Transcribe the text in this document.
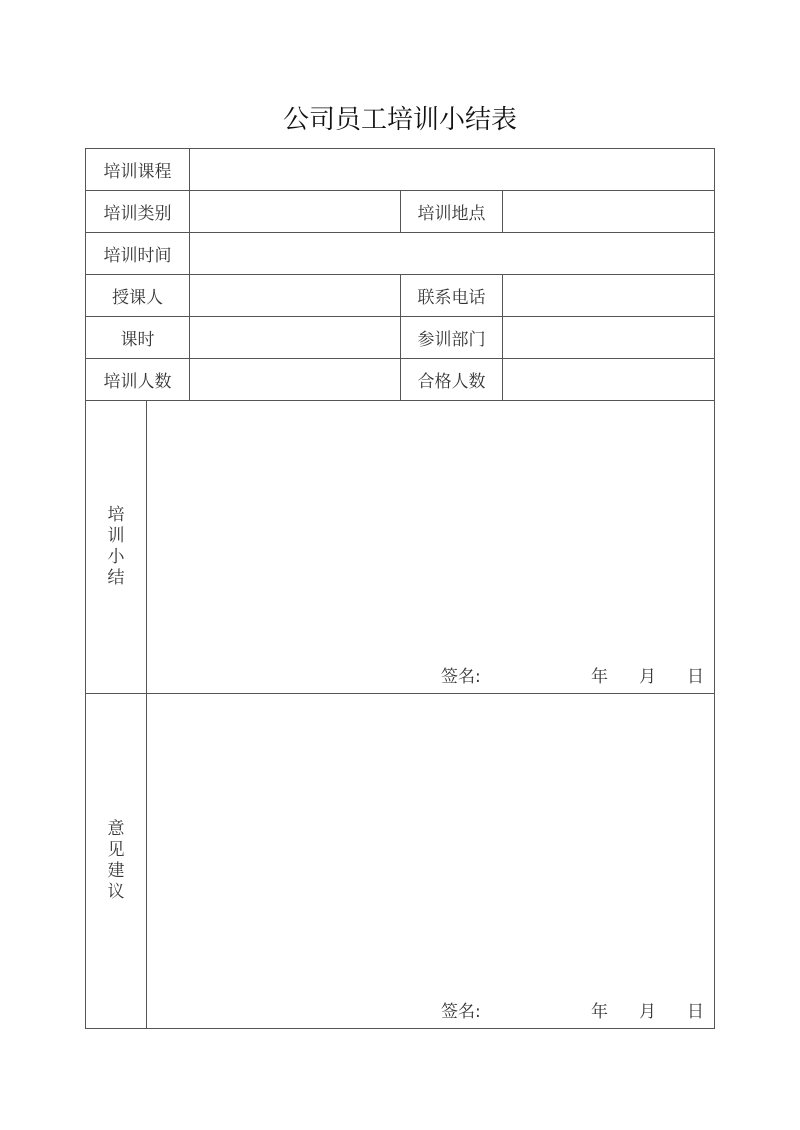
公司员工培训小结表
培训课程				
培训类别			培训地点	
培训时间				
授课人			联系电话	
课时			参训部门	
培训人数			合格人数	
培训小结	签名: 年 月 日			

意见建议	签名: 年 月 日			
